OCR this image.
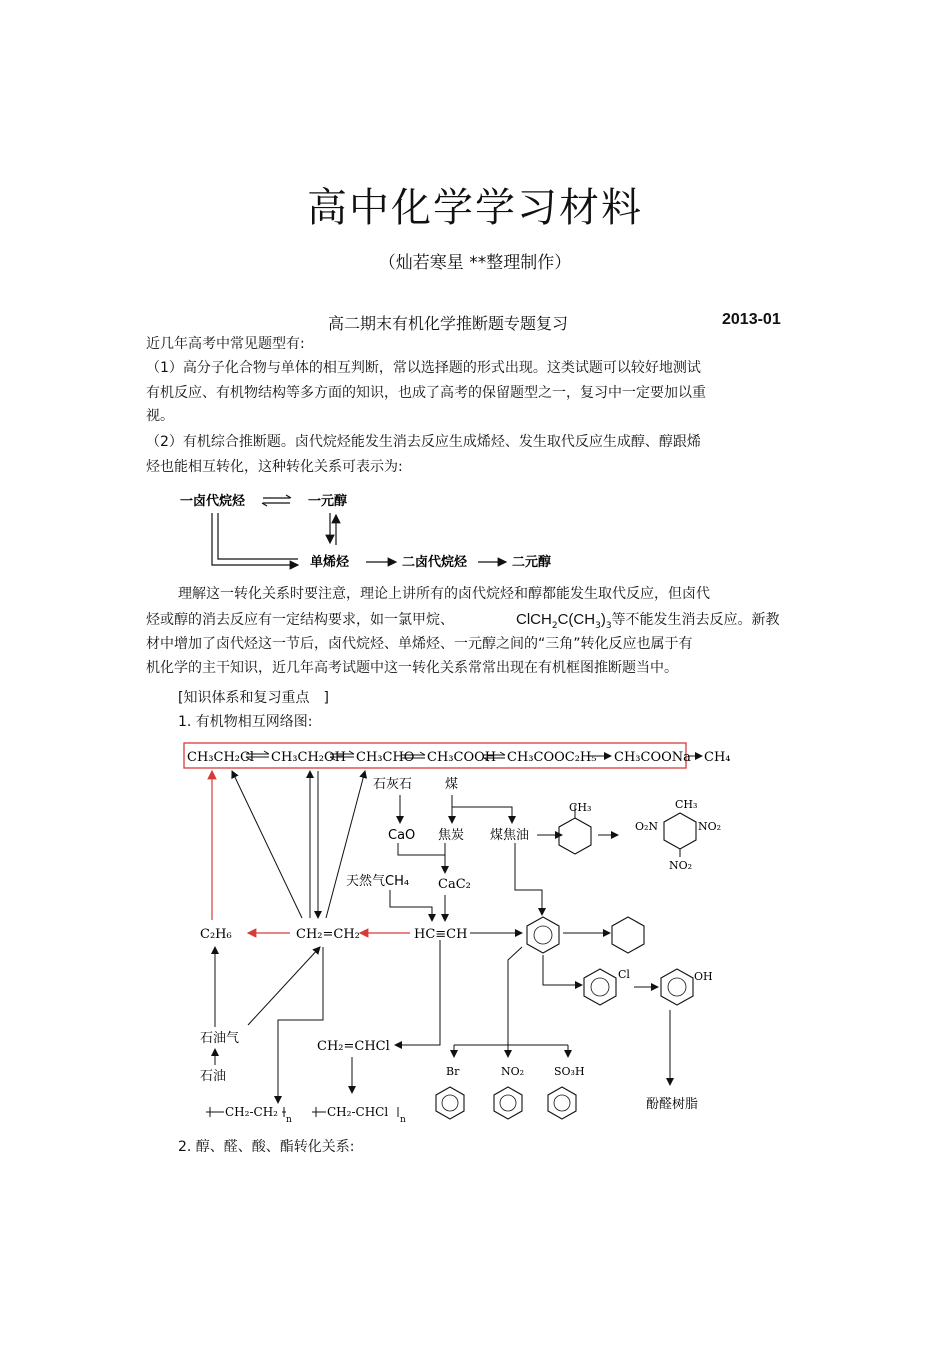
高中化学学习材料
（灿若寒星 **整理制作）
高二期末有机化学推断题专题复习	2013-01
近几年高考中常见题型有:
（1）高分子化合物与单体的相互判断，常以选择题的形式出现。这类试题可以较好地测试
有机反应、有机物结构等多方面的知识，也成了高考的保留题型之一，复习中一定要加以重
视。
（2）有机综合推断题。卤代烷烃能发生消去反应生成烯烃、发生取代反应生成醇、醇跟烯
烃也能相互转化，这种转化关系可表示为:
一卤代烷烃	一元醇
单烯烃	二卤代烷烃	二元醇
理解这一转化关系时要注意，理论上讲所有的卤代烷烃和醇都能发生取代反应，但卤代
烃或醇的消去反应有一定结构要求，如一氯甲烷、	$ClCH_2C(CH_3)_3$等不能发生消去反应。新教
材中增加了卤代烃这一节后，卤代烷烃、单烯烃、一元醇之间的“三角”转化反应也属于有
机化学的主干知识，近几年高考试题中这一转化关系常常出现在有机框图推断题当中。
[知识体系和复习重点　]
1. 有机物相互网络图:
CH₃CH₂Cl CH₃CH₂OH CH₃CHO CH₃COOH CH₃COOC₂H₅ CH₃COONa CH₄
石灰石	煤
CaO 焦炭 煤焦油
CH₃	CH₃
O₂N	NO₂
NO₂
天然气CH₄ CaC₂
C₂H₆	CH₂=CH₂	HC≡CH
石油气
石油
CH₂=CHCl
CH₂-CH₂
n
CH₂-CHCl
n
Cl	OH
酚醛树脂
Br	NO₂	SO₃H
2. 醇、醛、酸、酯转化关系:
